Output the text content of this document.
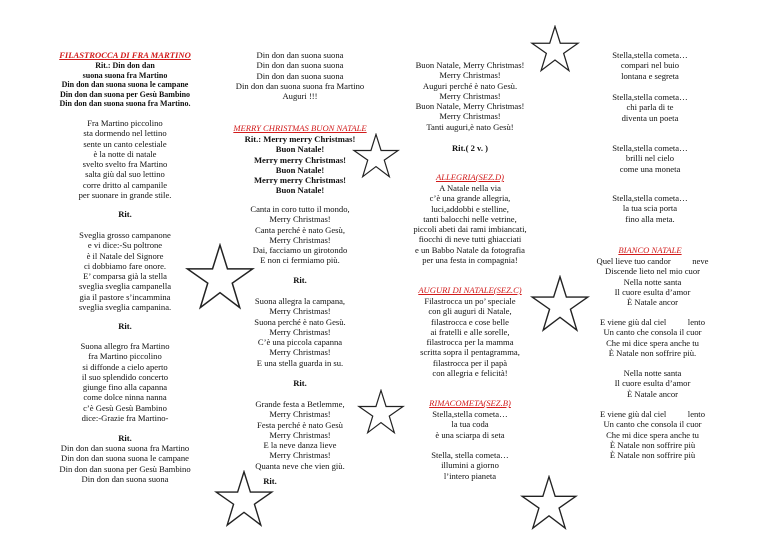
FILASTROCCA DI FRA MARTINO
Rit.: Din don dan
suona suona fra Martino
Din don dan suona suona le campane
Din don dan suona per Gesù Bambino
Din don dan suona suona fra Martino.
Fra Martino piccolino
sta dormendo nel lettino
sente un canto celestiale
è la notte di natale
svelto svelto fra Martino
salta giù dal suo lettino
corre dritto al campanile
per suonare in grande stile.
Rit.
Sveglia grosso campanone
e vi dice:-Su poltrone
è il Natale del Signore
ci dobbiamo fare onore.
E’ comparsa già la stella
sveglia sveglia campanella
gia il pastore s’incammina
sveglia sveglia campanina.
Rit.
Suona allegro fra Martino
fra Martino piccolino
si diffonde a cielo aperto
il suo splendido concerto
giunge fino alla capanna
come dolce ninna nanna
c’è Gesù Gesù Bambino
dice:-Grazie fra Martino-
Rit.
Din don dan suona suona fra Martino
Din don dan suona suona le campane
Din don dan suona per Gesù Bambino
Din don dan suona suona
Din don dan suona suona
Din don dan suona suona
Din don dan suona suona
Din don dan suona suona fra Martino
Auguri !!!
MERRY CHRISTMAS BUON NATALE
Rit.: Merry merry Christmas!
Buon Natale!
Merry merry Christmas!
Buon Natale!
Merry merry Christmas!
Buon Natale!
Canta in coro tutto il mondo,
Merry Christmas!
Canta perché è nato Gesù,
Merry Christmas!
Dai, facciamo un girotondo
E non ci fermiamo più.
Rit.
Suona allegra la campana,
Merry Christmas!
Suona perché è nato Gesù.
Merry Christmas!
C’è una piccola capanna
Merry Christmas!
E una stella guarda in su.
Rit.
Grande festa a Betlemme,
Merry Christmas!
Festa perché è nato Gesù
Merry Christmas!
E la neve danza lieve
Merry Christmas!
Quanta neve che vien giù.
Rit.
Buon Natale, Merry Christmas!
Merry Christmas!
Auguri perché è nato Gesù.
Merry Christmas!
Buon Natale, Merry Christmas!
Merry Christmas!
Tanti auguri,è nato Gesù!
Rit.( 2 v. )
ALLEGRIA(SEZ.D)
A Natale nella via
c’è una grande allegria,
luci,addobbi e stelline,
tanti balocchi nelle vetrine,
piccoli abeti dai rami imbiancati,
fiocchi di neve tutti ghiacciati
e un Babbo Natale da fotografia
per una festa in compagnia!
AUGURI DI NATALE(SEZ.C)
Filastrocca un po’ speciale
con gli auguri di Natale,
filastrocca e cose belle
ai fratelli e alle sorelle,
filastrocca per la mamma
scritta sopra il pentagramma,
filastrocca per il papà
con allegria e felicità!
RIMACOMETA(SEZ.B)
Stella,stella cometa…
la tua coda
è una sciarpa di seta
Stella, stella cometa…
illumini a giorno
l’intero pianeta
Stella,stella cometa…
compari nel buio
lontana e segreta
Stella,stella cometa…
chi parla di te
diventa un poeta
Stella,stella cometa…
brilli nel cielo
come una moneta
Stella,stella cometa…
la tua scia porta
fino alla meta.
BIANCO NATALE
Quel lieve tuo candor          neve
Discende lieto nel mio cuor
Nella notte santa
Il cuore esulta d’amor
È Natale ancor
E viene giù dal ciel          lento
Un canto che consola il cuor
Che mi dice spera anche tu
È Natale non soffrire più.
Nella notte santa
Il cuore esulta d’amor
È Natale ancor
E viene giù dal ciel          lento
Un canto che consola il cuor
Che mi dice spera anche tu
È Natale non soffrire più
È Natale non soffrire più
